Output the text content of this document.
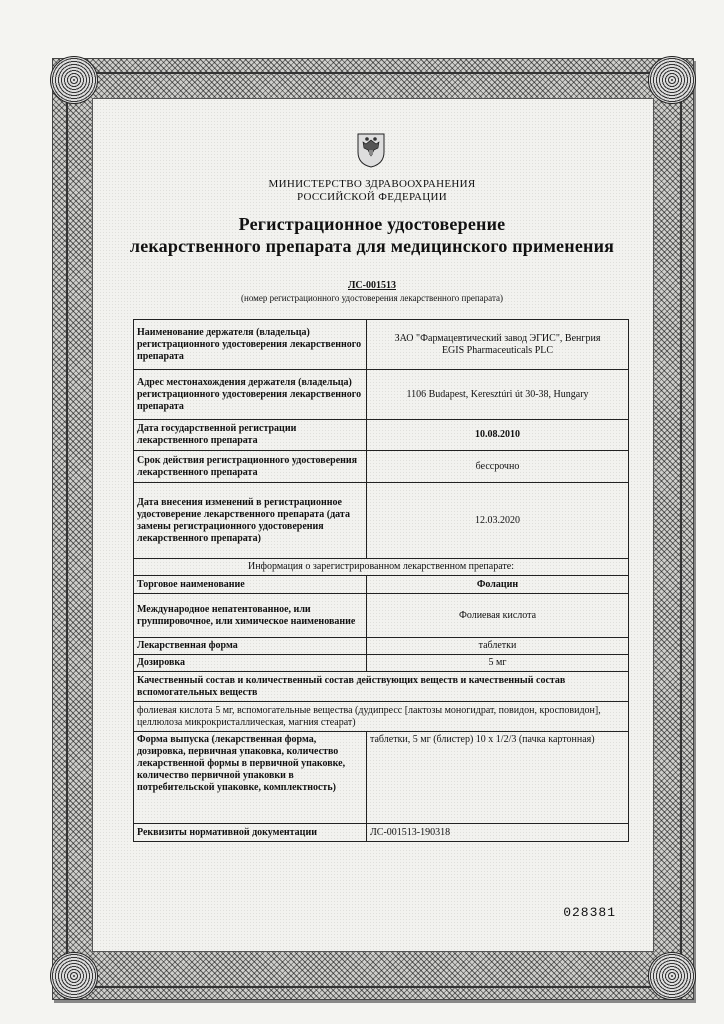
МИНИСТЕРСТВО ЗДРАВООХРАНЕНИЯ
РОССИЙСКОЙ ФЕДЕРАЦИИ
Регистрационное удостоверение
лекарственного препарата для медицинского применения
ЛС-001513
(номер регистрационного удостоверения лекарственного препарата)
Наименование держателя (владельца) регистрационного удостоверения лекарственного препарата	ЗАО "Фармацевтический завод ЭГИС", Венгрия
EGIS Pharmaceuticals PLC

Адрес местонахождения держателя (владельца) регистрационного удостоверения лекарственного препарата	1106 Budapest, Keresztúri út 30-38, Hungary
Дата государственной регистрации лекарственного препарата	10.08.2010
Срок действия регистрационного удостоверения лекарственного препарата	бессрочно
Дата внесения изменений в регистрационное удостоверение лекарственного препарата (дата замены регистрационного удостоверения лекарственного препарата)	12.03.2020
Информация о зарегистрированном лекарственном препарате:	
Торговое наименование	Фолацин
Международное непатентованное, или группировочное, или химическое наименование	Фолиевая кислота
Лекарственная форма	таблетки
Дозировка	5 мг
Качественный состав и количественный состав действующих веществ и качественный состав вспомогательных веществ	
фолиевая кислота 5 мг, вспомогательные вещества (дудипресс [лактозы моногидрат, повидон, кросповидон], целлюлоза микрокристаллическая, магния стеарат)	
Форма выпуска (лекарственная форма, дозировка, первичная упаковка, количество лекарственной формы в первичной упаковке, количество первичной упаковки в потребительской упаковке, комплектность)	таблетки, 5 мг (блистер) 10 х 1/2/3 (пачка картонная)
Реквизиты нормативной документации	ЛС-001513-190318
028381
